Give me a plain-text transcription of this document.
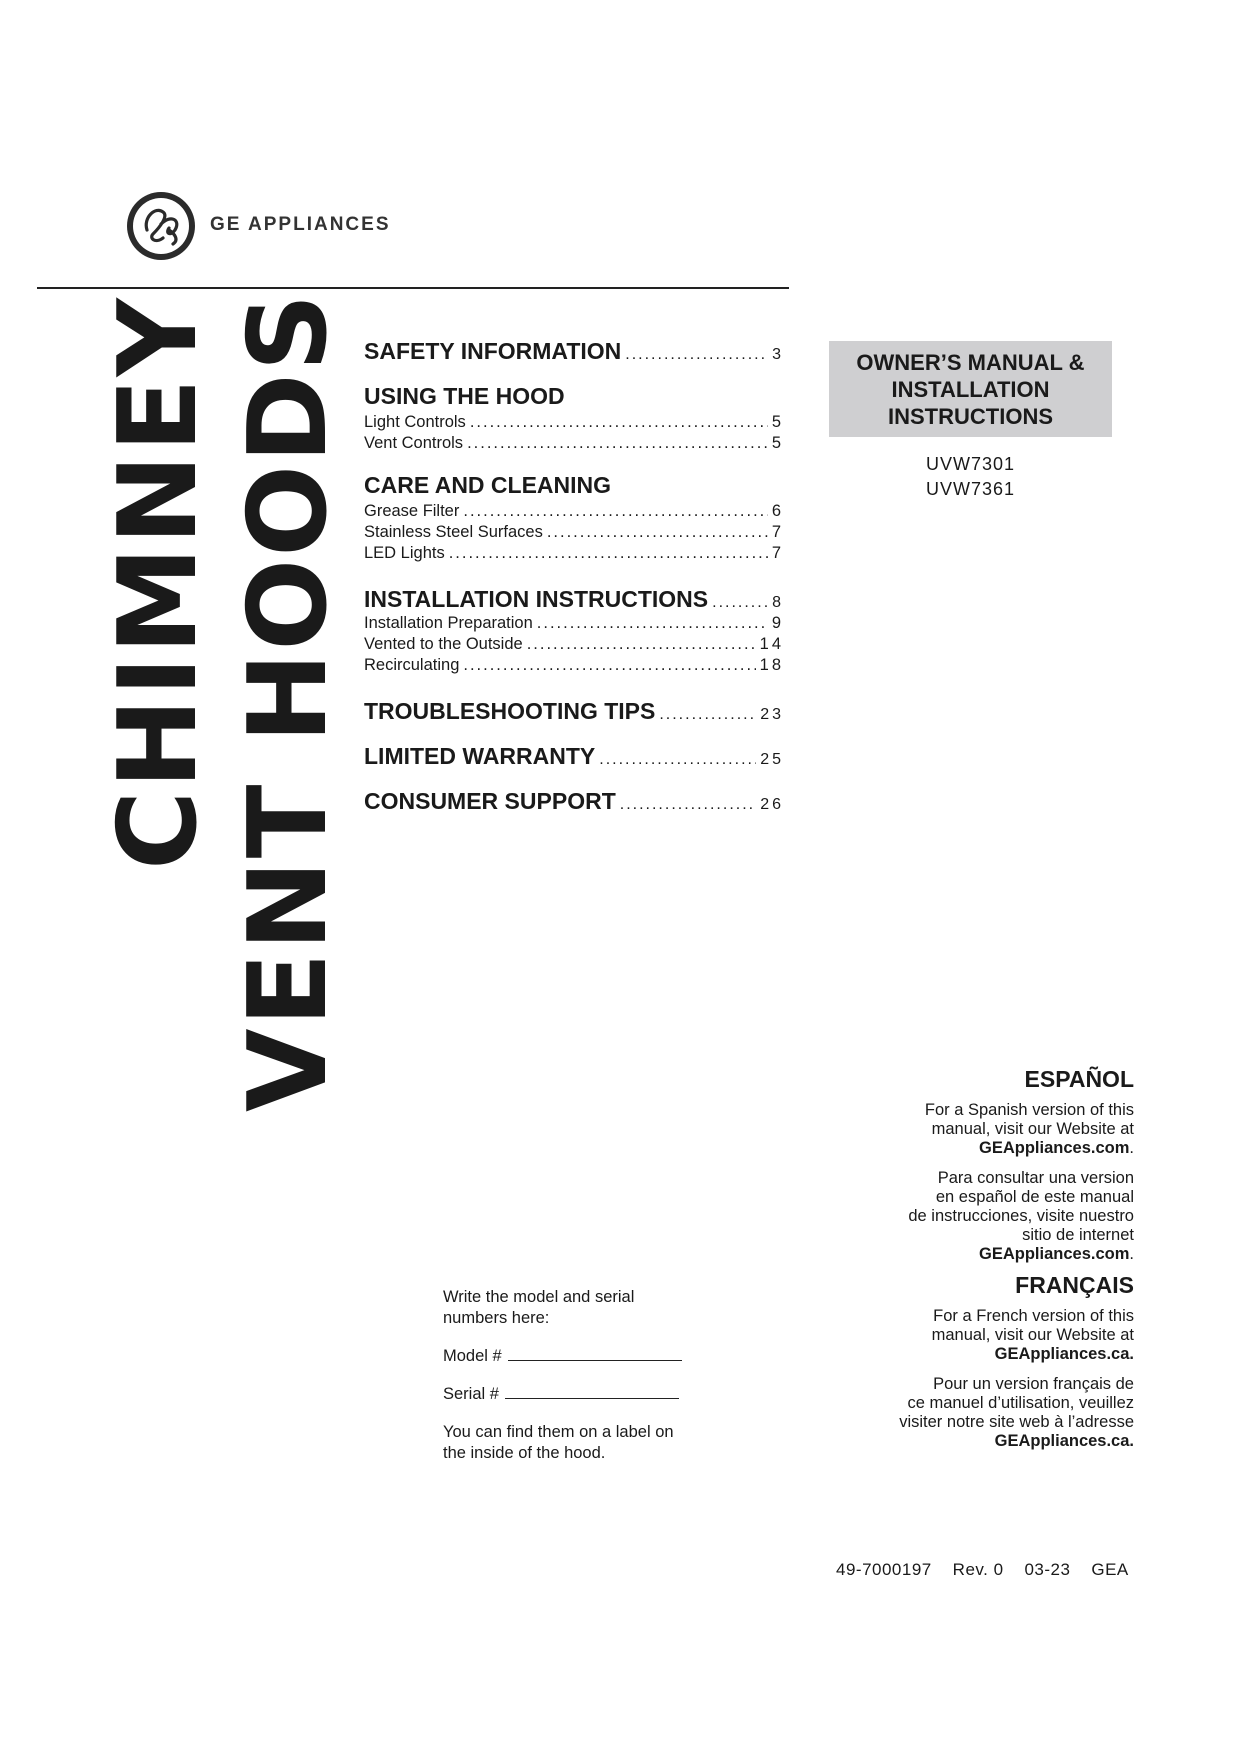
GE APPLIANCES
CHIMNEY VENT HOODS SAFETY INFORMATION .....	3
USING THE HOOD
Light Controls .....	5
Vent Controls .....	5
CARE AND CLEANING
Grease Filter .....	6
Stainless Steel Surfaces .....	7
LED Lights .....	7
INSTALLATION INSTRUCTIONS .....	8
Installation Preparation .....	9
Vented to the Outside .....	14
Recirculating .....	18
TROUBLESHOOTING TIPS .....	23
LIMITED WARRANTY .....	25
CONSUMER SUPPORT .....	26
OWNER’S MANUAL &
INSTALLATION
INSTRUCTIONS
UVW7301
UVW7361
ESPAÑOL

For a Spanish version of this
manual, visit our Website at
GEAppliances.com.

Para consultar una version
en español de este manual
de instrucciones, visite nuestro
sitio de internet
GEAppliances.com.

FRANÇAIS

For a French version of this
manual, visit our Website at
GEAppliances.ca.

Pour un version français de
ce manuel d’utilisation, veuillez
visiter notre site web à l’adresse
GEAppliances.ca.

Write the model and serial
numbers here:

Model #

Serial #

You can find them on a label on
the inside of the hood.

49-7000197 Rev. 0 03-23 GEA
